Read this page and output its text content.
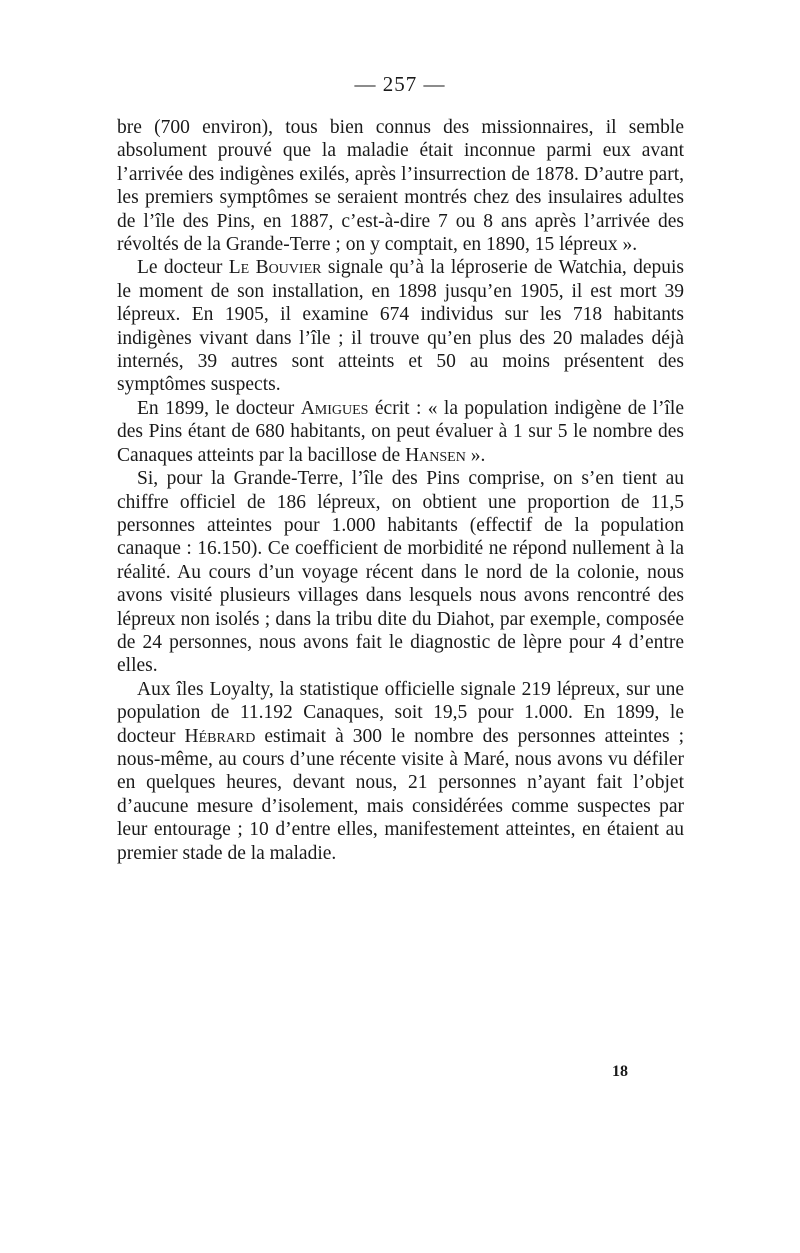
— 257 —

bre (700 environ), tous bien connus des missionnaires, il semble absolument prouvé que la maladie était inconnue parmi eux avant l’arrivée des indigènes exilés, après l’insurrection de 1878. D’autre part, les premiers symptômes se seraient montrés chez des insulaires adultes de l’île des Pins, en 1887, c’est-à-dire 7 ou 8 ans après l’arrivée des révoltés de la Grande-Terre ; on y comptait, en 1890, 15 lépreux ».

Le docteur Le Bouvier signale qu’à la léproserie de Watchia, depuis le moment de son installation, en 1898 jusqu’en 1905, il est mort 39 lépreux. En 1905, il examine 674 individus sur les 718 habitants indigènes vivant dans l’île ; il trouve qu’en plus des 20 malades déjà internés, 39 autres sont atteints et 50 au moins présentent des symptômes suspects.

En 1899, le docteur Amigues écrit : « la population indigène de l’île des Pins étant de 680 habitants, on peut évaluer à 1 sur 5 le nombre des Canaques atteints par la bacillose de Hansen ».

Si, pour la Grande-Terre, l’île des Pins comprise, on s’en tient au chiffre officiel de 186 lépreux, on obtient une proportion de 11,5 personnes atteintes pour 1.000 habitants (effectif de la population canaque : 16.150). Ce coefficient de morbidité ne répond nullement à la réalité. Au cours d’un voyage récent dans le nord de la colonie, nous avons visité plusieurs villages dans lesquels nous avons rencontré des lépreux non isolés ; dans la tribu dite du Diahot, par exemple, composée de 24 personnes, nous avons fait le diagnostic de lèpre pour 4 d’entre elles.

Aux îles Loyalty, la statistique officielle signale 219 lépreux, sur une population de 11.192 Canaques, soit 19,5 pour 1.000. En 1899, le docteur Hébrard estimait à 300 le nombre des personnes atteintes ; nous-même, au cours d’une récente visite à Maré, nous avons vu défiler en quelques heures, devant nous, 21 personnes n’ayant fait l’objet d’aucune mesure d’isolement, mais considérées comme suspectes par leur entourage ; 10 d’entre elles, manifestement atteintes, en étaient au premier stade de la maladie.

18
